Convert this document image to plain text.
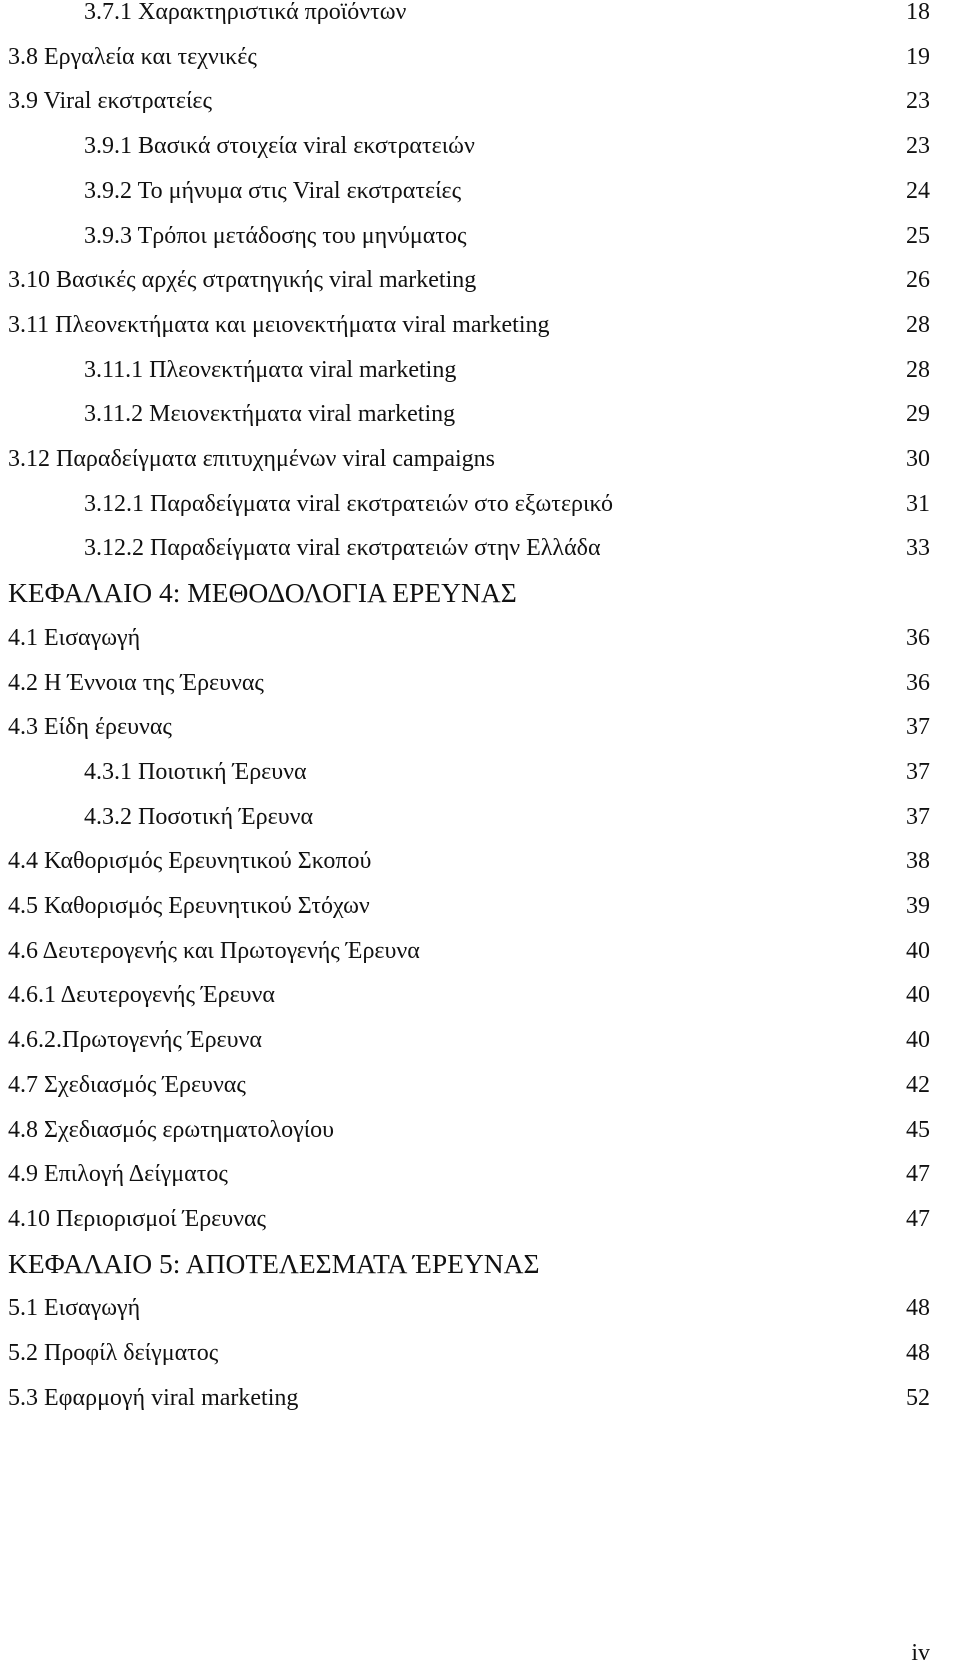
3.7.1 Χαρακτηριστικά προϊόντων	18
3.8 Εργαλεία και τεχνικές	19
3.9 Viral εκστρατείες	23
3.9.1 Βασικά στοιχεία viral εκστρατειών	23
3.9.2 Το μήνυμα στις Viral εκστρατείες	24
3.9.3 Τρόποι μετάδοσης του μηνύματος	25
3.10 Βασικές αρχές στρατηγικής viral marketing	26
3.11 Πλεονεκτήματα και μειονεκτήματα viral marketing	28
3.11.1 Πλεονεκτήματα viral marketing	28
3.11.2 Μειονεκτήματα viral marketing	29
3.12 Παραδείγματα επιτυχημένων viral campaigns	30
3.12.1 Παραδείγματα viral εκστρατειών στο εξωτερικό	31
3.12.2 Παραδείγματα viral εκστρατειών στην Ελλάδα	33
ΚΕΦΑΛΑΙΟ 4: ΜΕΘΟΔΟΛΟΓΙΑ ΕΡΕΥΝΑΣ
4.1 Εισαγωγή	36
4.2 Η Έννοια της Έρευνας	36
4.3 Είδη έρευνας	37
4.3.1 Ποιοτική Έρευνα	37
4.3.2 Ποσοτική Έρευνα	37
4.4 Καθορισμός Ερευνητικού Σκοπού	38
4.5 Καθορισμός Ερευνητικού Στόχων	39
4.6 Δευτερογενής και Πρωτογενής Έρευνα	40
4.6.1 Δευτερογενής Έρευνα	40
4.6.2.Πρωτογενής Έρευνα	40
4.7 Σχεδιασμός Έρευνας	42
4.8 Σχεδιασμός ερωτηματολογίου	45
4.9 Επιλογή Δείγματος	47
4.10 Περιορισμοί Έρευνας	47
ΚΕΦΑΛΑΙΟ 5: ΑΠΟΤΕΛΕΣΜΑΤΑ ΈΡΕΥΝΑΣ
5.1 Εισαγωγή	48
5.2 Προφίλ δείγματος	48
5.3 Εφαρμογή viral marketing	52
iv
